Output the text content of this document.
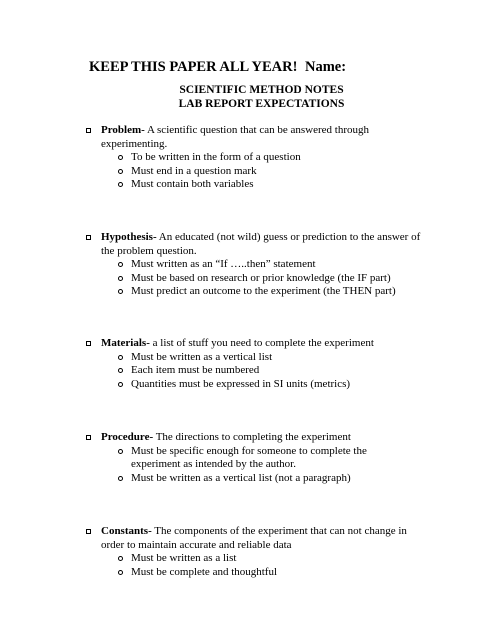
KEEP THIS PAPER ALL YEAR! Name:
SCIENTIFIC METHOD NOTES
LAB REPORT EXPECTATIONS
Problem- A scientific question that can be answered through experimenting.
To be written in the form of a question
Must end in a question mark
Must contain both variables
Hypothesis- An educated (not wild) guess or prediction to the answer of the problem question.
Must written as an “If …..then” statement
Must be based on research or prior knowledge (the IF part)
Must predict an outcome to the experiment (the THEN part)
Materials- a list of stuff you need to complete the experiment
Must be written as a vertical list
Each item must be numbered
Quantities must be expressed in SI units (metrics)
Procedure- The directions to completing the experiment
Must be specific enough for someone to complete the experiment as intended by the author.
Must be written as a vertical list (not a paragraph)
Constants- The components of the experiment that can not change in order to maintain accurate and reliable data
Must be written as a list
Must be complete and thoughtful
